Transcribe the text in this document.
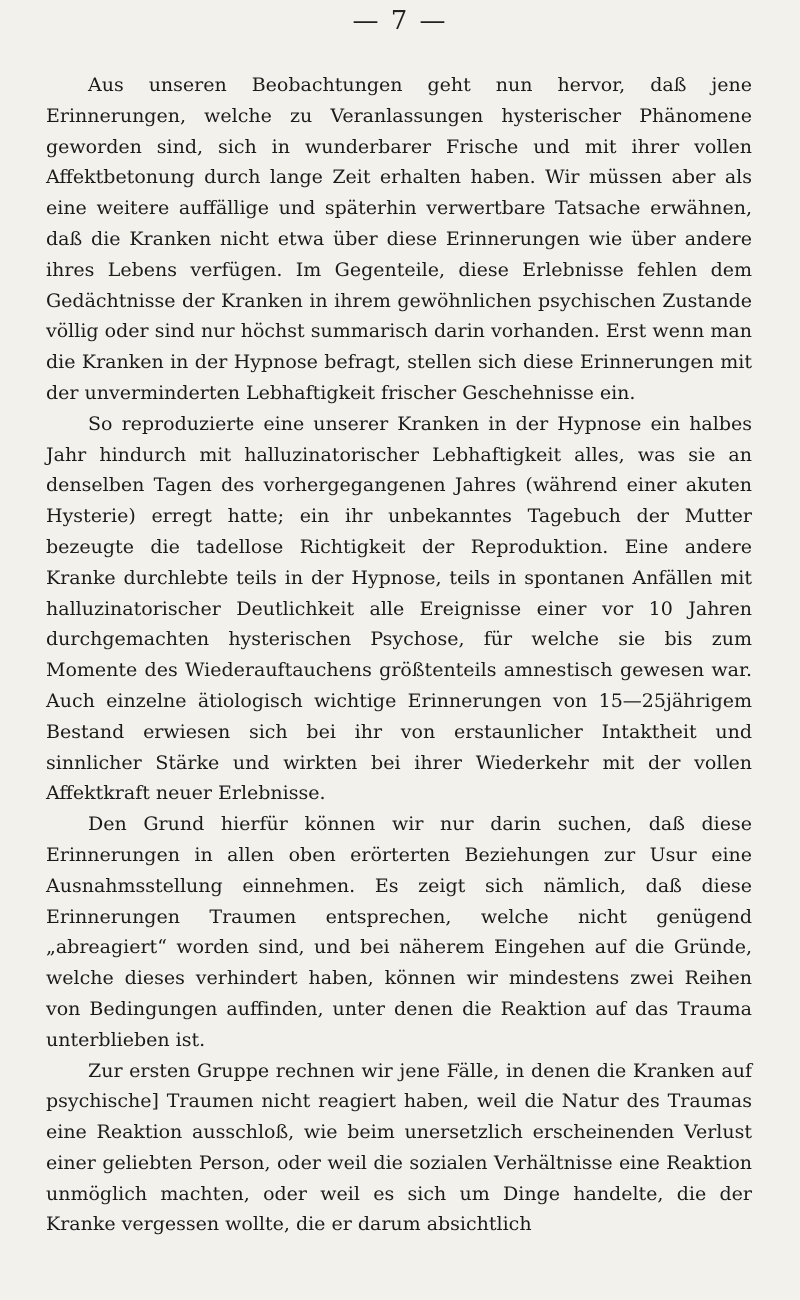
— 7 —

Aus unseren Beobachtungen geht nun hervor, daß jene Erinnerungen, welche zu Veranlassungen hysterischer Phänomene geworden sind, sich in wunderbarer Frische und mit ihrer vollen Affektbetonung durch lange Zeit erhalten haben. Wir müssen aber als eine weitere auffällige und späterhin verwertbare Tatsache erwähnen, daß die Kranken nicht etwa über diese Erinnerungen wie über andere ihres Lebens verfügen. Im Gegenteile, diese Erlebnisse fehlen dem Gedächtnisse der Kranken in ihrem gewöhnlichen psychischen Zustande völlig oder sind nur höchst summarisch darin vorhanden. Erst wenn man die Kranken in der Hypnose befragt, stellen sich diese Erinnerungen mit der unverminderten Lebhaftigkeit frischer Geschehnisse ein.

So reproduzierte eine unserer Kranken in der Hypnose ein halbes Jahr hindurch mit halluzinatorischer Lebhaftigkeit alles, was sie an denselben Tagen des vorhergegangenen Jahres (während einer akuten Hysterie) erregt hatte; ein ihr unbekanntes Tagebuch der Mutter bezeugte die tadellose Richtigkeit der Reproduktion. Eine andere Kranke durchlebte teils in der Hypnose, teils in spontanen Anfällen mit halluzinatorischer Deutlichkeit alle Ereignisse einer vor 10 Jahren durchgemachten hysterischen Psychose, für welche sie bis zum Momente des Wiederauftauchens größtenteils amnestisch gewesen war. Auch einzelne ätiologisch wichtige Erinnerungen von 15—25jährigem Bestand erwiesen sich bei ihr von erstaunlicher Intaktheit und sinnlicher Stärke und wirkten bei ihrer Wiederkehr mit der vollen Affektkraft neuer Erlebnisse.

Den Grund hierfür können wir nur darin suchen, daß diese Erinnerungen in allen oben erörterten Beziehungen zur Usur eine Ausnahmsstellung einnehmen. Es zeigt sich nämlich, daß diese Erinnerungen Traumen entsprechen, welche nicht genügend „abreagiert“ worden sind, und bei näherem Eingehen auf die Gründe, welche dieses verhindert haben, können wir mindestens zwei Reihen von Bedingungen auffinden, unter denen die Reaktion auf das Trauma unterblieben ist.

Zur ersten Gruppe rechnen wir jene Fälle, in denen die Kranken auf psychische] Traumen nicht reagiert haben, weil die Natur des Traumas eine Reaktion ausschloß, wie beim unersetzlich erscheinenden Verlust einer geliebten Person, oder weil die sozialen Verhältnisse eine Reaktion unmöglich machten, oder weil es sich um Dinge handelte, die der Kranke vergessen wollte, die er darum absichtlich
